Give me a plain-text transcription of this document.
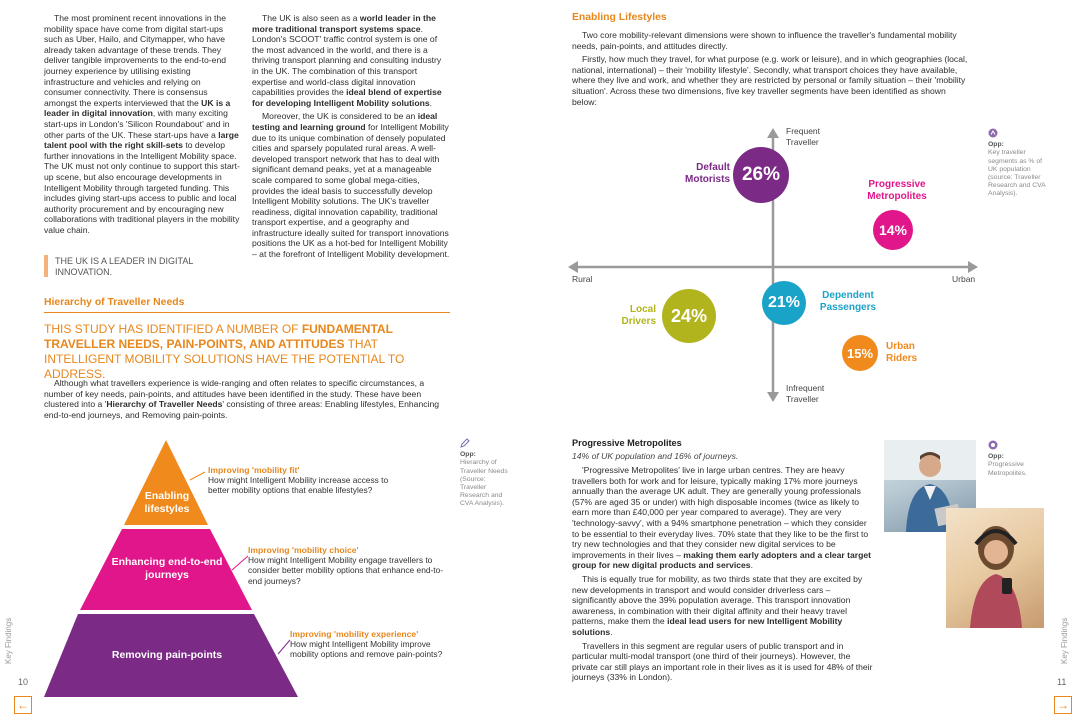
The most prominent recent innovations in the mobility space have come from digital start-ups such as Uber, Hailo, and Citymapper, who have already taken advantage of these trends. They deliver tangible improvements to the end-to-end journey experience by utilising existing infrastructure and vehicles and relying on consumer connectivity. There is consensus amongst the experts interviewed that the UK is a leader in digital innovation, with many exciting start-ups in London's 'Silicon Roundabout' and in other parts of the UK. These start-ups have a large talent pool with the right skill-sets to develop further innovations in the Intelligent Mobility space. The UK must not only continue to support this start-up scene, but also encourage developments in Intelligent Mobility through targeted funding. This includes giving start-ups access to public and local authority procurement and by encouraging new collaborations with traditional players in the mobility value chain.

THE UK IS A LEADER IN DIGITAL INNOVATION.

The UK is also seen as a world leader in the more traditional transport systems space. London's SCOOT' traffic control system is one of the most advanced in the world, and there is a thriving transport planning and consulting industry in the UK. The combination of this transport expertise and world-class digital innovation capabilities provides the ideal blend of expertise for developing Intelligent Mobility solutions.

Moreover, the UK is considered to be an ideal testing and learning ground for Intelligent Mobility due to its unique combination of densely populated cities and sparsely populated rural areas. A well-developed transport network that has to deal with significant demand peaks, yet at a manageable scale compared to some global mega-cities, provides the ideal basis to successfully develop Intelligent Mobility solutions. The UK's traveller readiness, digital innovation capability, traditional transport expertise, and a geography and infrastructure ideally suited for transport innovations positions the UK as a hot-bed for Intelligent Mobility – at the forefront of Intelligent Mobility development.

Hierarchy of Traveller Needs
THIS STUDY HAS IDENTIFIED A NUMBER OF FUNDAMENTAL TRAVELLER NEEDS, PAIN-POINTS, AND ATTITUDES THAT INTELLIGENT MOBILITY SOLUTIONS HAVE THE POTENTIAL TO ADDRESS.

Although what travellers experience is wide-ranging and often relates to specific circumstances, a number of key needs, pain-points, and attitudes have been identified in the study. These have been clustered into a 'Hierarchy of Traveller Needs' consisting of three areas: Enabling lifestyles, Enhancing end-to-end journeys, and Removing pain-points.

Enabling lifestyles
Enhancing end-to-end journeys
Removing pain-points
Improving 'mobility fit'
How might Intelligent Mobility increase access to better mobility options that enable lifestyles?
Improving 'mobility choice'
How might Intelligent Mobility engage travellers to consider better mobility options that enhance end-to-end journeys?
Improving 'mobility experience'
How might Intelligent Mobility improve mobility options and remove pain-points?
Opp:
Hierarchy of Traveller Needs (Source: Traveller Research and CVA Analysis).
Key Findings
10
←
Enabling Lifestyles

Two core mobility-relevant dimensions were shown to influence the traveller's fundamental mobility needs, pain-points, and attitudes directly.

Firstly, how much they travel, for what purpose (e.g. work or leisure), and in which geographies (local, national, international) – their 'mobility lifestyle'. Secondly, what transport choices they have available, where they live and work, and whether they are restricted by personal or family situation – their 'mobility situation'. Across these two dimensions, five key traveller segments have been identified as shown below:

Frequent Traveller
Infrequent Traveller
Rural	Urban
26%
Default Motorists
14%
Progressive Metropolites
21%	Dependent Passengers
24%
Local Drivers
15%	Urban Riders
Opp:
Key traveller segments as % of UK population (source: Traveller Research and CVA Analysis).
Progressive Metropolites
14% of UK population and 16% of journeys.

'Progressive Metropolites' live in large urban centres. They are heavy travellers both for work and for leisure, typically making 17% more journeys annually than the average UK adult. They are generally young professionals (57% are aged 35 or under) with high disposable incomes (twice as likely to earn more than £40,000 per year compared to average). They are very 'technology-savvy', with a 94% smartphone penetration – which they consider to be essential to their everyday lives. 70% state that they like to be the first to try new technologies and that they consider new digital services to be improvements in their lives – making them early adopters and a clear target group for new digital products and services.

This is equally true for mobility, as two thirds state that they are excited by new developments in transport and would consider driverless cars – significantly above the 39% population average. This transport innovation awareness, in combination with their digital affinity and their heavy travel patterns, make them the ideal lead users for new Intelligent Mobility solutions.

Travellers in this segment are regular users of public transport and in particular multi-modal transport (one third of their journeys). However, the private car still plays an important role in their lives as it is used for 48% of their journeys (33% in London).

Opp:
Progressive Metropolites.
Key Findings
11
→
